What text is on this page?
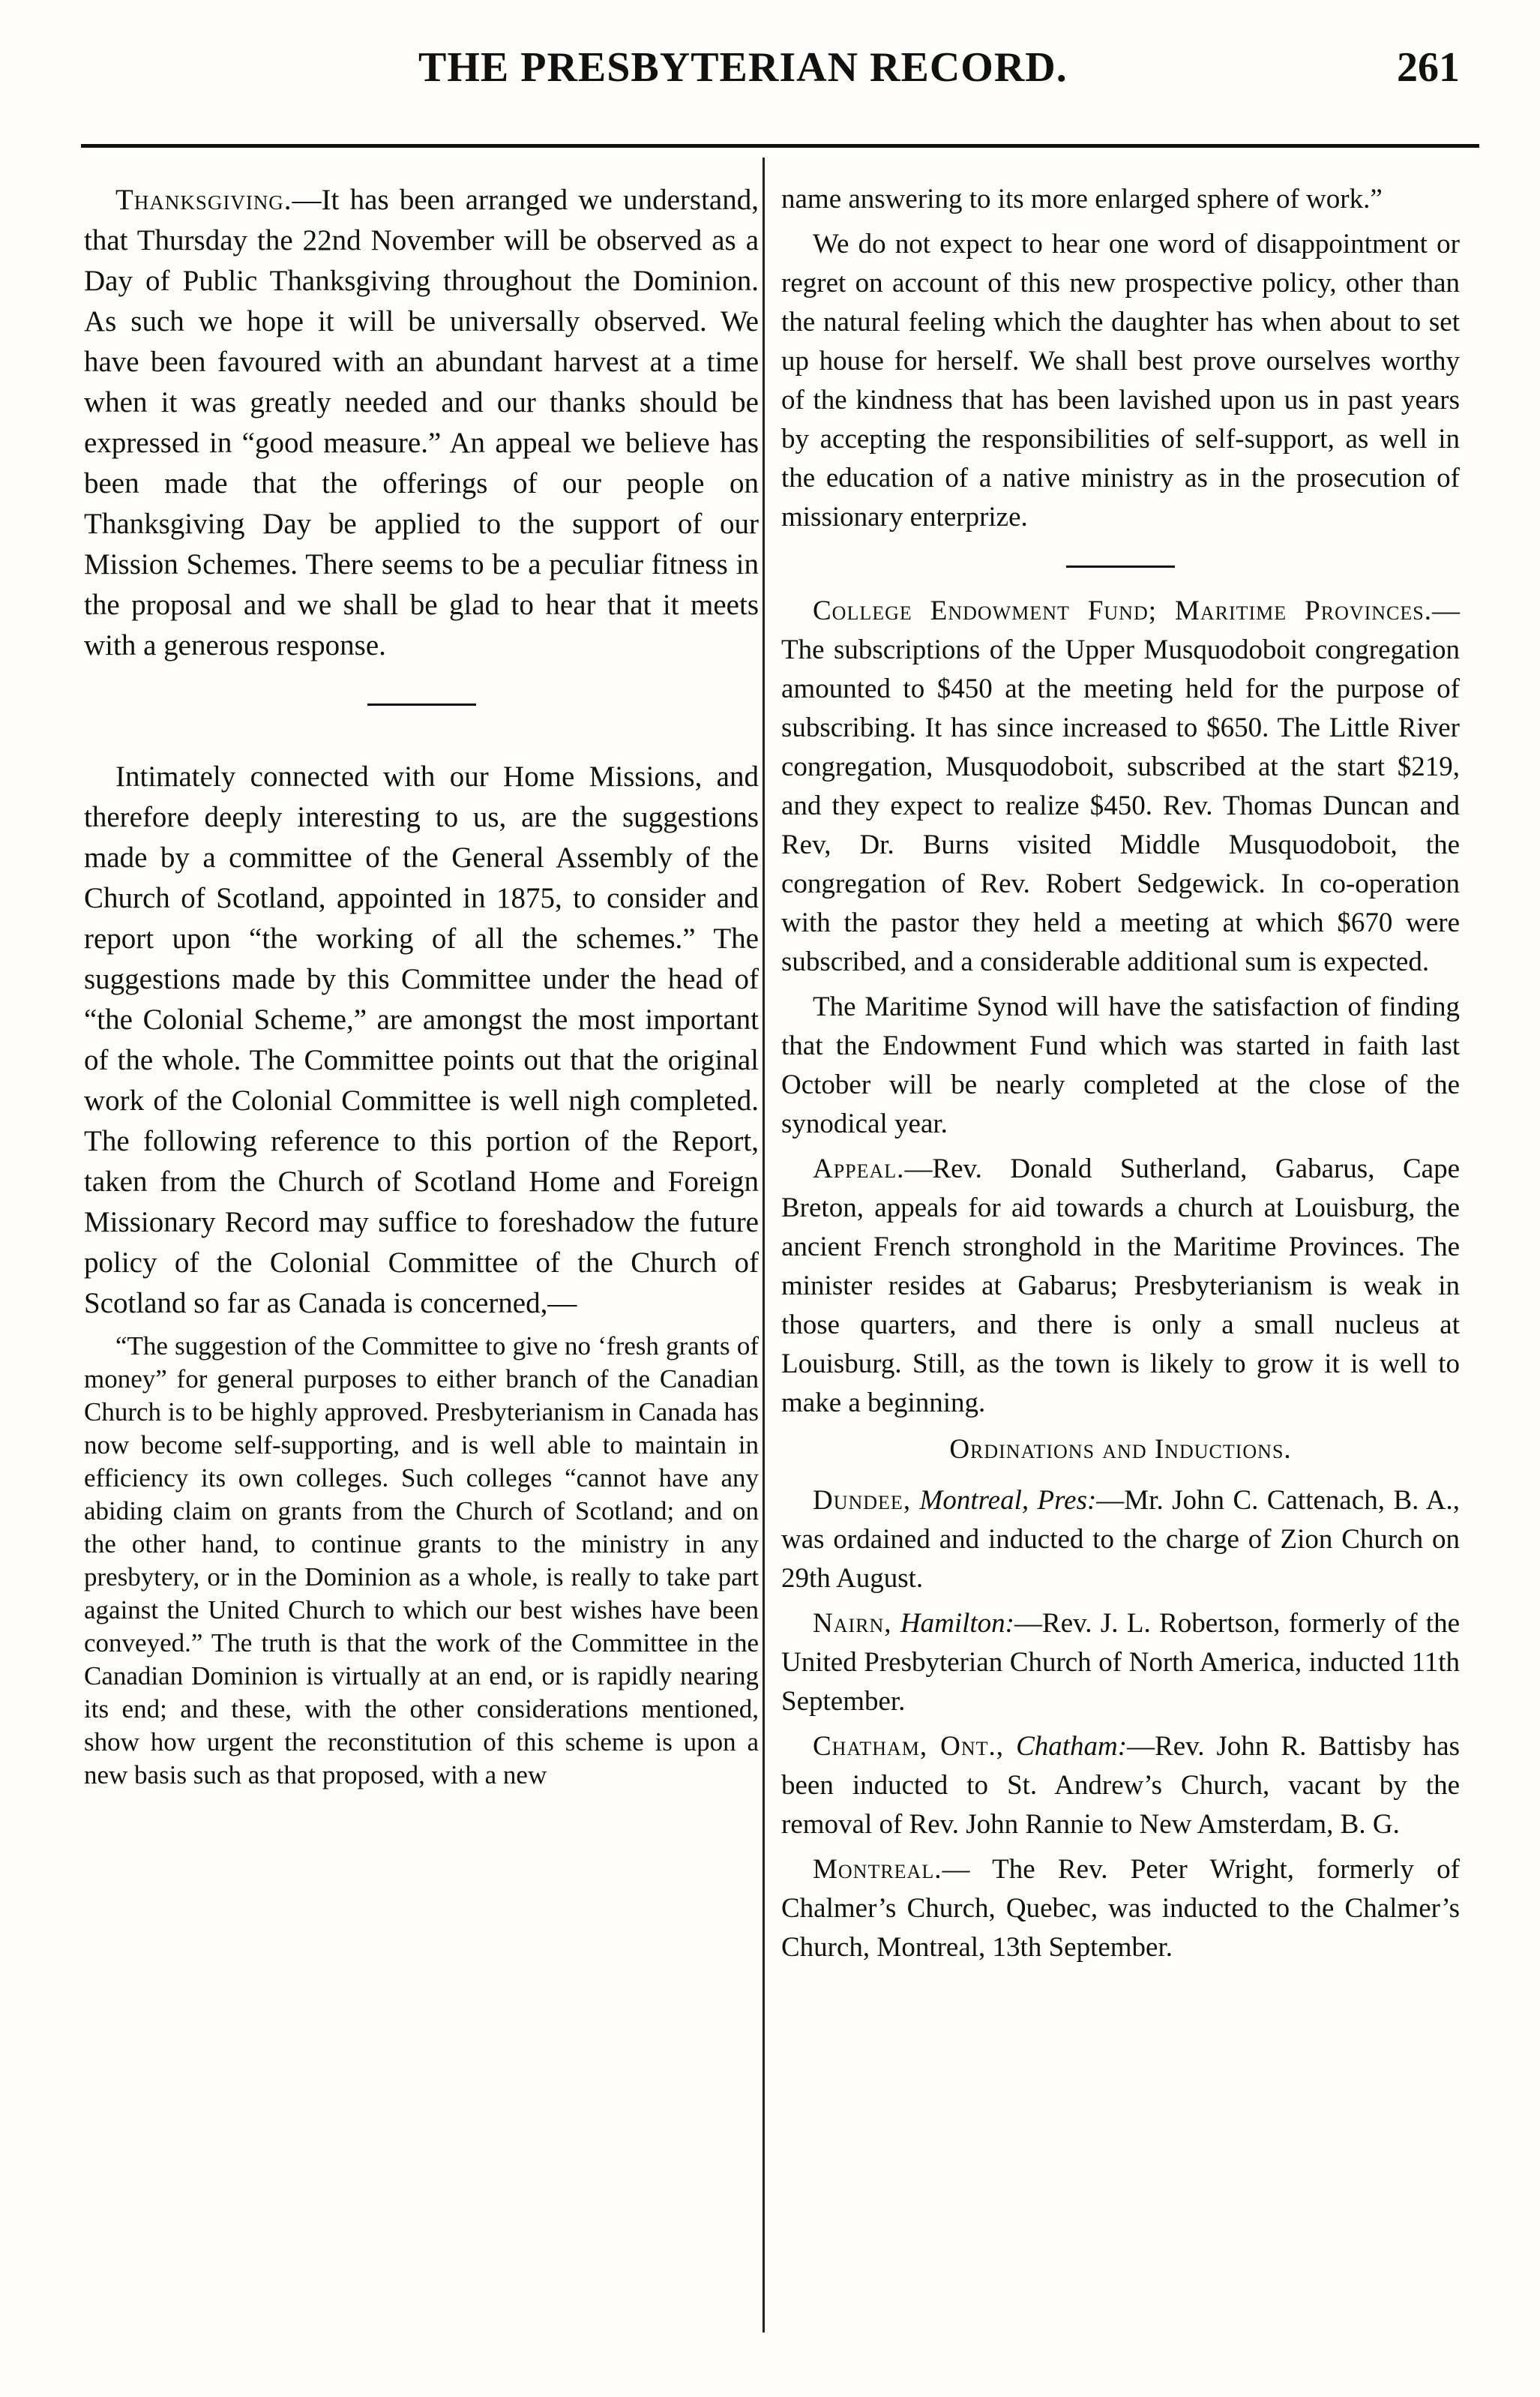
THE PRESBYTERIAN RECORD.	261

Thanksgiving.—It has been arranged we understand, that Thursday the 22nd November will be observed as a Day of Public Thanksgiving throughout the Dominion. As such we hope it will be universally observed. We have been favoured with an abundant harvest at a time when it was greatly needed and our thanks should be expressed in “good measure.” An appeal we believe has been made that the offerings of our people on Thanksgiving Day be applied to the support of our Mission Schemes. There seems to be a peculiar fitness in the proposal and we shall be glad to hear that it meets with a generous response.

Intimately connected with our Home Missions, and therefore deeply interesting to us, are the suggestions made by a committee of the General Assembly of the Church of Scotland, appointed in 1875, to consider and report upon “the working of all the schemes.” The suggestions made by this Committee under the head of “the Colonial Scheme,” are amongst the most important of the whole. The Committee points out that the original work of the Colonial Committee is well nigh completed. The following reference to this portion of the Report, taken from the Church of Scotland Home and Foreign Missionary Record may suffice to foreshadow the future policy of the Colonial Committee of the Church of Scotland so far as Canada is concerned,—

“The suggestion of the Committee to give no ‘fresh grants of money” for general purposes to either branch of the Canadian Church is to be highly approved. Presbyterianism in Canada has now become self-supporting, and is well able to maintain in efficiency its own colleges. Such colleges “cannot have any abiding claim on grants from the Church of Scotland; and on the other hand, to continue grants to the ministry in any presbytery, or in the Dominion as a whole, is really to take part against the United Church to which our best wishes have been conveyed.” The truth is that the work of the Committee in the Canadian Dominion is virtually at an end, or is rapidly nearing its end; and these, with the other considerations mentioned, show how urgent the reconstitution of this scheme is upon a new basis such as that proposed, with a new

name answering to its more enlarged sphere of work.”

We do not expect to hear one word of disappointment or regret on account of this new prospective policy, other than the natural feeling which the daughter has when about to set up house for herself. We shall best prove ourselves worthy of the kindness that has been lavished upon us in past years by accepting the responsibilities of self-support, as well in the education of a native ministry as in the prosecution of missionary enterprize.

College Endowment Fund; Maritime Provinces.—The subscriptions of the Upper Musquodoboit congregation amounted to $450 at the meeting held for the purpose of subscribing. It has since increased to $650. The Little River congregation, Musquodoboit, subscribed at the start $219, and they expect to realize $450. Rev. Thomas Duncan and Rev, Dr. Burns visited Middle Musquodoboit, the congregation of Rev. Robert Sedgewick. In co-operation with the pastor they held a meeting at which $670 were subscribed, and a considerable additional sum is expected.

The Maritime Synod will have the satisfaction of finding that the Endowment Fund which was started in faith last October will be nearly completed at the close of the synodical year.

Appeal.—Rev. Donald Sutherland, Gabarus, Cape Breton, appeals for aid towards a church at Louisburg, the ancient French stronghold in the Maritime Provinces. The minister resides at Gabarus; Presbyterianism is weak in those quarters, and there is only a small nucleus at Louisburg. Still, as the town is likely to grow it is well to make a beginning.

Ordinations and Inductions.

Dundee, Montreal, Pres:—Mr. John C. Cattenach, B. A., was ordained and inducted to the charge of Zion Church on 29th August.

Nairn, Hamilton:—Rev. J. L. Robertson, formerly of the United Presbyterian Church of North America, inducted 11th September.

Chatham, Ont., Chatham:—Rev. John R. Battisby has been inducted to St. Andrew’s Church, vacant by the removal of Rev. John Rannie to New Amsterdam, B. G.

Montreal.— The Rev. Peter Wright, formerly of Chalmer’s Church, Quebec, was inducted to the Chalmer’s Church, Montreal, 13th September.
